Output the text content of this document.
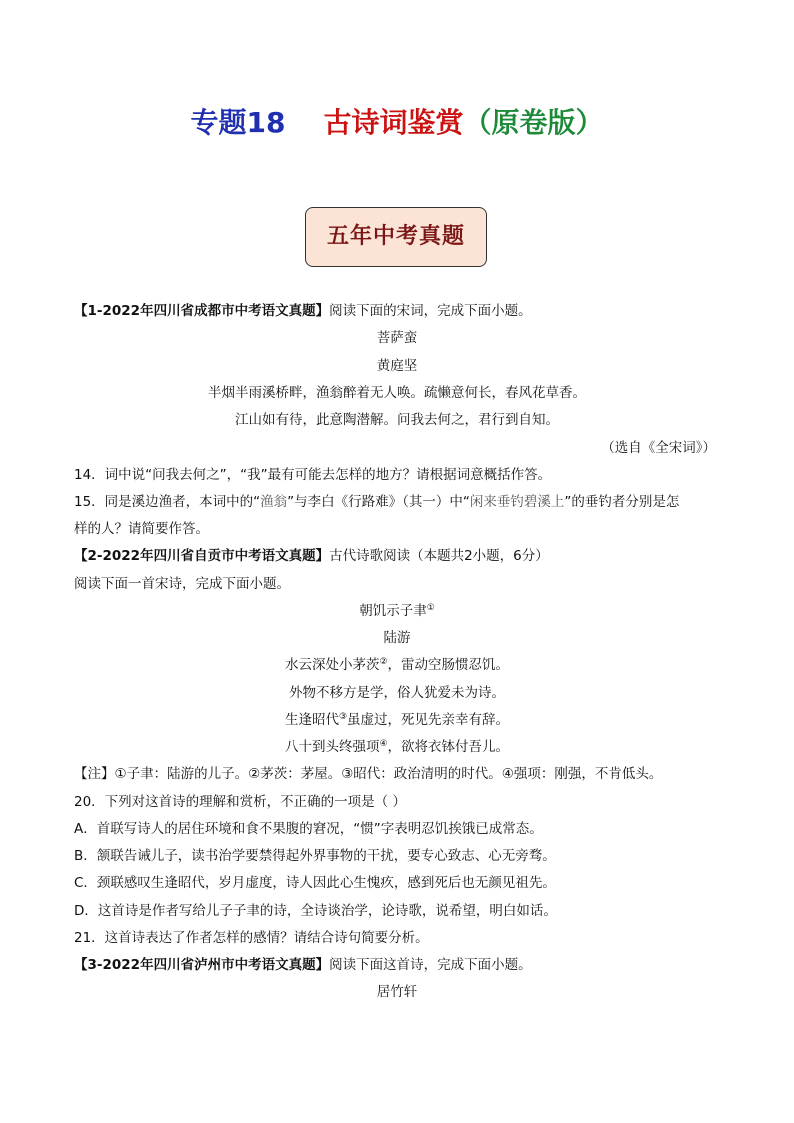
专题18 古诗词鉴赏（原卷版）
五年中考真题
【1-2022年四川省成都市中考语文真题】阅读下面的宋词，完成下面小题。
菩萨蛮
黄庭坚
半烟半雨溪桥畔，渔翁醉着无人唤。疏懒意何长，春风花草香。
江山如有待，此意陶潜解。问我去何之，君行到自知。
（选自《全宋词》）
14．词中说“问我去何之”，“我”最有可能去怎样的地方？请根据词意概括作答。
15．同是溪边渔者，本词中的“渔翁”与李白《行路难》（其一）中“闲来垂钓碧溪上”的垂钓者分别是怎
样的人？请简要作答。
【2-2022年四川省自贡市中考语文真题】古代诗歌阅读（本题共2小题，6分）
阅读下面一首宋诗，完成下面小题。
朝饥示子聿①
陆游
水云深处小茅茨②，雷动空肠惯忍饥。
外物不移方是学，俗人犹爱未为诗。
生逢昭代③虽虚过，死见先亲幸有辞。
八十到头终强项④，欲将衣钵付吾儿。
【注】①子聿：陆游的儿子。②茅茨：茅屋。③昭代：政治清明的时代。④强项：刚强，不肯低头。
20．下列对这首诗的理解和赏析，不正确的一项是（ ）
A．首联写诗人的居住环境和食不果腹的窘况，“惯”字表明忍饥挨饿已成常态。
B．颔联告诫儿子，读书治学要禁得起外界事物的干扰，要专心致志、心无旁骛。
C．颈联感叹生逢昭代，岁月虚度，诗人因此心生愧疚，感到死后也无颜见祖先。
D．这首诗是作者写给儿子子聿的诗，全诗谈治学，论诗歌，说希望，明白如话。
21．这首诗表达了作者怎样的感情？请结合诗句简要分析。
【3-2022年四川省泸州市中考语文真题】阅读下面这首诗，完成下面小题。
居竹轩
